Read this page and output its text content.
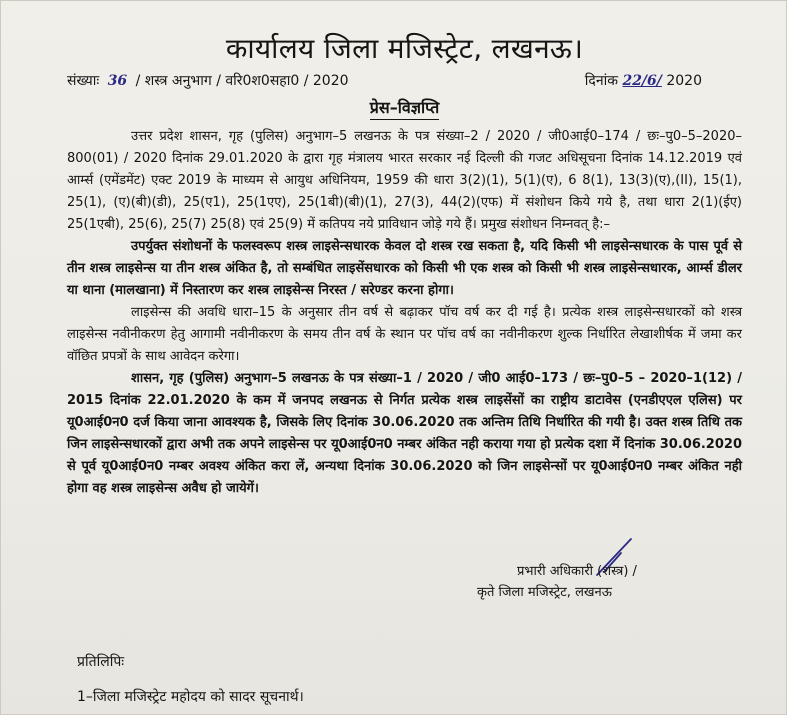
कार्यालय जिला मजिस्ट्रेट, लखनऊ।
संख्याः 36 / शस्त्र अनुभाग / वरि0श0सहा0 / 2020	दिनांक 22/6/ 2020
प्रेस–विज्ञप्ति

उत्तर प्रदेश शासन, गृह (पुलिस) अनुभाग–5 लखनऊ के पत्र संख्या–2 / 2020 / जी0आई0–174 / छः–पु0–5–2020–800(01) / 2020 दिनांक 29.01.2020 के द्वारा गृह मंत्रालय भारत सरकार नई दिल्ली की गजट अधिसूचना दिनांक 14.12.2019 एवं आर्म्स (एमेंडमेंट) एक्ट 2019 के माध्यम से आयुध अधिनियम, 1959 की धारा 3(2)(1), 5(1)(ए), 6 8(1), 13(3)(ए),(II), 15(1), 25(1), (ए)(बी)(डी), 25(ए1), 25(1एए), 25(1बी)(बी)(1), 27(3), 44(2)(एफ) में संशोधन किये गये है, तथा धारा 2(1)(ईए) 25(1एबी), 25(6), 25(7) 25(8) एवं 25(9) में कतिपय नये प्राविधान जोड़े गये हैं। प्रमुख संशोधन निम्नवत् है:–

उपर्युक्त संशोधनों के फलस्वरूप शस्त्र लाइसेन्सधारक केवल दो शस्त्र रख सकता है, यदि किसी भी लाइसेन्सधारक के पास पूर्व से तीन शस्त्र लाइसेन्स या तीन शस्त्र अंकित है, तो सम्बंधित लाइसेंसधारक को किसी भी एक शस्त्र को किसी भी शस्त्र लाइसेन्सधारक, आर्म्स डीलर या थाना (मालखाना) में निस्तारण कर शस्त्र लाइसेन्स निरस्त / सरेण्डर करना होगा।

लाइसेन्स की अवधि धारा–15 के अनुसार तीन वर्ष से बढ़ाकर पॉच वर्ष कर दी गई है। प्रत्येक शस्त्र लाइसेन्सधारकों को शस्त्र लाइसेन्स नवीनीकरण हेतु आगामी नवीनीकरण के समय तीन वर्ष के स्थान पर पॉच वर्ष का नवीनीकरण शुल्क निर्धारित लेखाशीर्षक में जमा कर वॉछित प्रपत्रों के साथ आवेदन करेगा।

शासन, गृह (पुलिस) अनुभाग–5 लखनऊ के पत्र संख्या–1 / 2020 / जी0 आई0–173 / छः–पु0–5 – 2020–1(12) / 2015 दिनांक 22.01.2020 के कम में जनपद लखनऊ से निर्गत प्रत्येक शस्त्र लाइसेंसों का राष्ट्रीय डाटावेस (एनडीएएल एलिस) पर यू0आई0न0 दर्ज किया जाना आवश्यक है, जिसके लिए दिनांक 30.06.2020 तक अन्तिम तिथि निर्धारित की गयी है। उक्त शस्त्र तिथि तक जिन लाइसेन्सधारकों द्वारा अभी तक अपने लाइसेन्स पर यू0आई0न0 नम्बर अंकित नही कराया गया हो प्रत्येक दशा में दिनांक 30.06.2020 से पूर्व यू0आई0न0 नम्बर अवश्य अंकित करा लें, अन्यथा दिनांक 30.06.2020 को जिन लाइसेन्सों पर यू0आई0न0 नम्बर अंकित नही होगा वह शस्त्र लाइसेन्स अवैध हो जायेगें।

प्रभारी अधिकारी (शस्त्र) /
कृते जिला मजिस्ट्रेट, लखनऊ
प्रतिलिपिः
1–जिला मजिस्ट्रेट महोदय को सादर सूचनार्थ।
